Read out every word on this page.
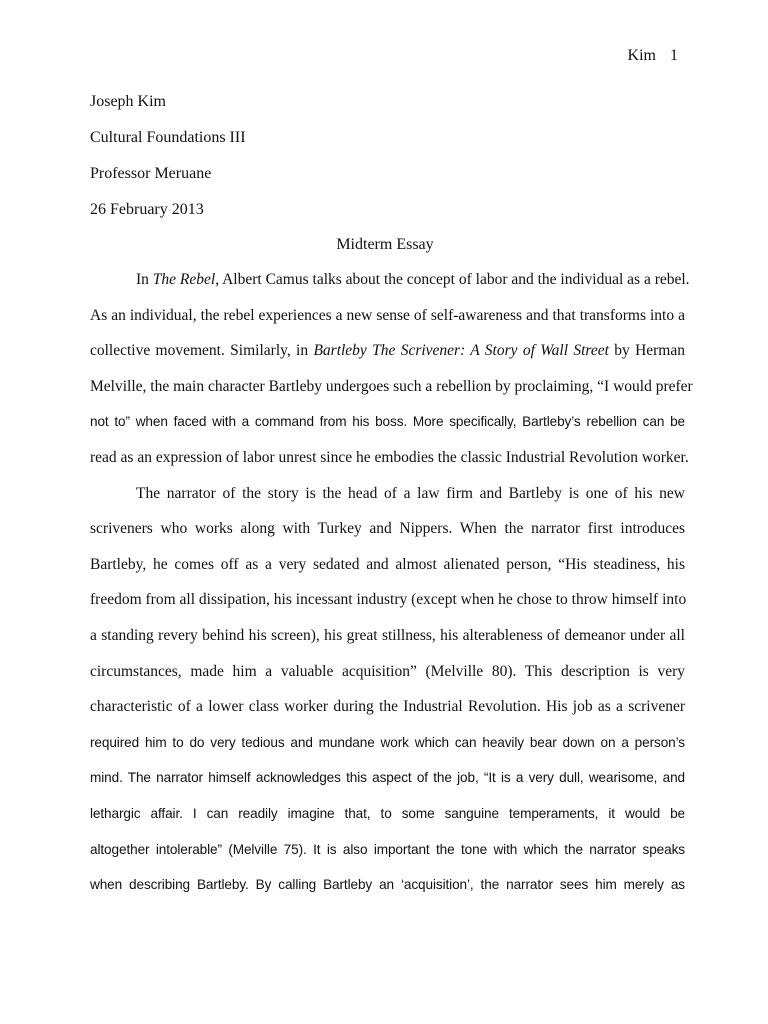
Kim 1
Joseph Kim
Cultural Foundations III
Professor Meruane
26 February 2013
Midterm Essay
In The Rebel, Albert Camus talks about the concept of labor and the individual as a rebel.
As an individual, the rebel experiences a new sense of self-awareness and that transforms into a
collective movement. Similarly, in Bartleby The Scrivener: A Story of Wall Street by Herman
Melville, the main character Bartleby undergoes such a rebellion by proclaiming, “I would prefer
not to” when faced with a command from his boss. More specifically, Bartleby’s rebellion can be
read as an expression of labor unrest since he embodies the classic Industrial Revolution worker.
The narrator of the story is the head of a law firm and Bartleby is one of his new
scriveners who works along with Turkey and Nippers. When the narrator first introduces
Bartleby, he comes off as a very sedated and almost alienated person, “His steadiness, his
freedom from all dissipation, his incessant industry (except when he chose to throw himself into
a standing revery behind his screen), his great stillness, his alterableness of demeanor under all
circumstances, made him a valuable acquisition” (Melville 80). This description is very
characteristic of a lower class worker during the Industrial Revolution. His job as a scrivener
required him to do very tedious and mundane work which can heavily bear down on a person’s
mind. The narrator himself acknowledges this aspect of the job, “It is a very dull, wearisome, and
lethargic affair. I can readily imagine that, to some sanguine temperaments, it would be
altogether intolerable” (Melville 75). It is also important the tone with which the narrator speaks
when describing Bartleby. By calling Bartleby an ‘acquisition’, the narrator sees him merely as
